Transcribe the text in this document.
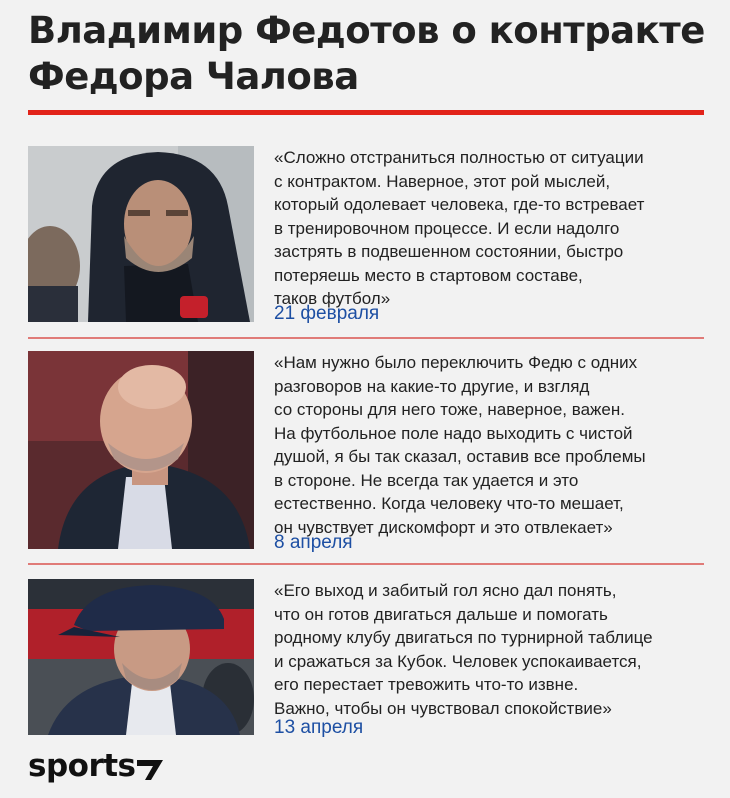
Владимир Федотов о контракте Федора Чалова
«Сложно отстраниться полностью от ситуации
с контрактом. Наверное, этот рой мыслей,
который одолевает человека, где-то встревает
в тренировочном процессе. И если надолго
застрять в подвешенном состоянии, быстро
потеряешь место в стартовом составе,
таков футбол»
21 февраля
«Нам нужно было переключить Федю с одних
разговоров на какие-то другие, и взгляд
со стороны для него тоже, наверное, важен.
На футбольное поле надо выходить с чистой
душой, я бы так сказал, оставив все проблемы
в стороне. Не всегда так удается и это
естественно. Когда человеку что-то мешает,
он чувствует дискомфорт и это отвлекает»
8 апреля
«Его выход и забитый гол ясно дал понять,
что он готов двигаться дальше и помогать
родному клубу двигаться по турнирной таблице
и сражаться за Кубок. Человек успокаивается,
его перестает тревожить что-то извне.
Важно, чтобы он чувствовал спокойствие»
13 апреля
sports
